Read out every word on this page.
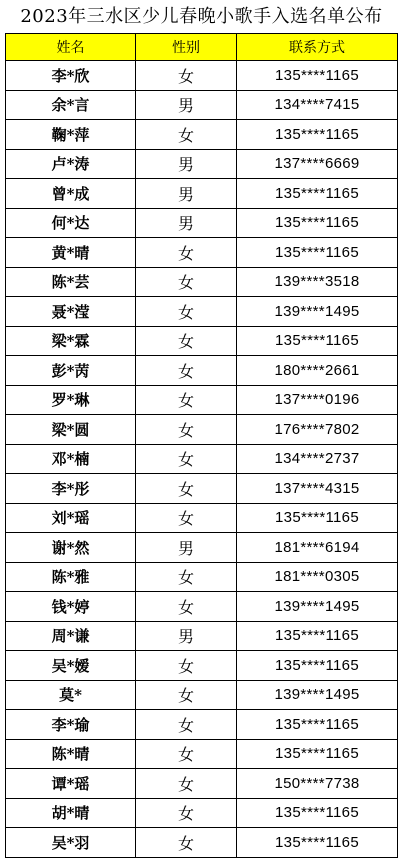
2023年三水区少儿春晚小歌手入选名单公布
姓名	性别	联系方式
李*欣	女	135****1165
余*言	男	134****7415
鞠*萍	女	135****1165
卢*涛	男	137****6669
曾*成	男	135****1165
何*达	男	135****1165
黄*晴	女	135****1165
陈*芸	女	139****3518
聂*滢	女	139****1495
梁*霖	女	135****1165
彭*苪	女	180****2661
罗*琳	女	137****0196
梁*圆	女	176****7802
邓*楠	女	134****2737
李*彤	女	137****4315
刘*瑶	女	135****1165
谢*然	男	181****6194
陈*雅	女	181****0305
钱*婷	女	139****1495
周*谦	男	135****1165
吴*嫒	女	135****1165
莫*	女	139****1495
李*瑜	女	135****1165
陈*晴	女	135****1165
谭*瑶	女	150****7738
胡*晴	女	135****1165
吴*羽	女	135****1165
